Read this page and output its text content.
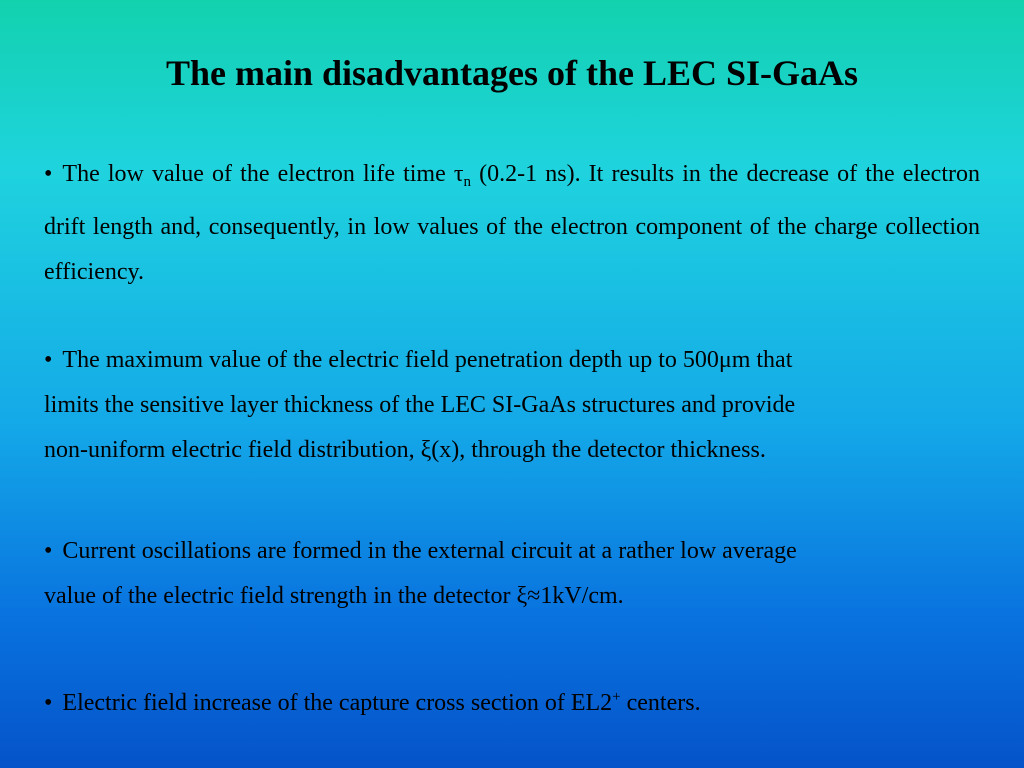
The main disadvantages of the LEC SI-GaAs

• The low value of the electron life time $\tau_n$ (0.2-1 ns). It results in the decrease of the electron drift length and, consequently, in low values of the electron component of the charge collection efficiency.

• The maximum value of the electric field penetration depth up to 500μm that
limits the sensitive layer thickness of the LEC SI-GaAs structures and provide
non-uniform electric field distribution, ξ(x), through the detector thickness.
• Current oscillations are formed in the external circuit at a rather low average
value of the electric field strength in the detector ξ≈1kV/cm.

• Electric field increase of the capture cross section of EL2+ centers.
